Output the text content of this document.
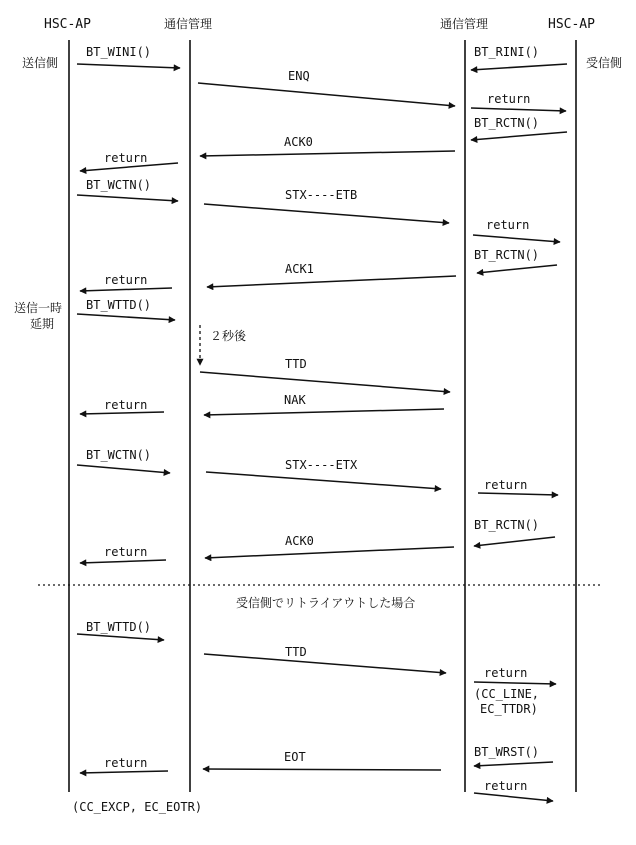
HSC-AP	通信管理	通信管理	HSC-AP
送信側	受信側
送信一時
延期
BT_WINI()
ENQ
BT_RINI()
return
BT_RCTN()
ACK0
return
BT_WCTN()
STX----ETB
return
BT_RCTN()
ACK1
return
BT_WTTD()
２秒後
TTD
NAK
return
BT_WCTN()
STX----ETX
return
BT_RCTN()
ACK0
return
受信側でリトライアウトした場合
BT_WTTD()
TTD
return
(CC_LINE,
EC_TTDR)
BT_WRST()
EOT
return
return
(CC_EXCP, EC_EOTR)
